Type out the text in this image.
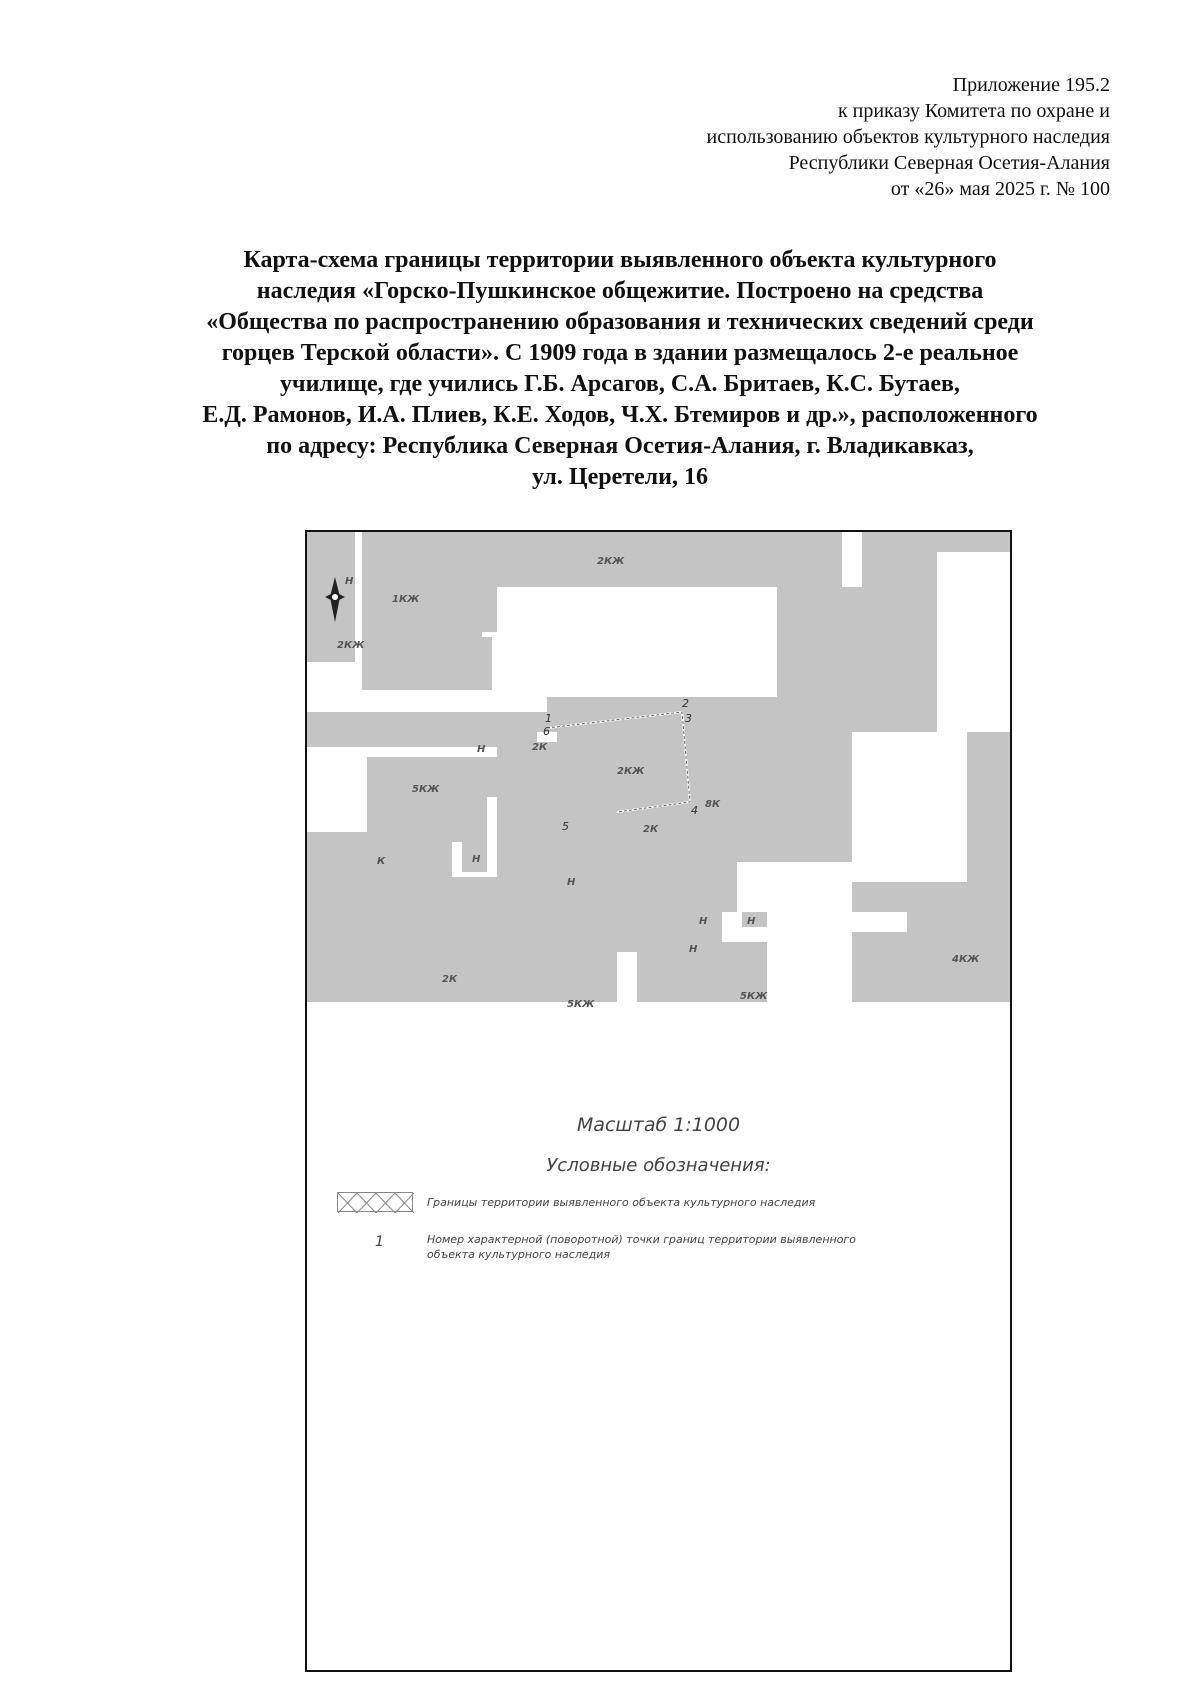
Приложение 195.2
к приказу Комитета по охране и
использованию объектов культурного наследия
Республики Северная Осетия-Алания
от «26» мая 2025 г. № 100
Карта-схема границы территории выявленного объекта культурного
наследия «Горско-Пушкинское общежитие. Построено на средства
«Общества по распространению образования и технических сведений среди
горцев Терской области». С 1909 года в здании размещалось 2-е реальное
училище, где учились Г.Б. Арсагов, С.А. Бритаев, К.С. Бутаев,
Е.Д. Рамонов, И.А. Плиев, К.Е. Ходов, Ч.Х. Бтемиров и др.», расположенного
по адресу: Республика Северная Осетия-Алания, г. Владикавказ,
ул. Церетели, 16
Н
2КЖ
1КЖ
2КЖ
2К
2КЖ
5КЖ
Н
5	2К
К	Н
Н
8К
Н	Н
Н
4КЖ
2К
5КЖ
5КЖ
1
2
3
4
6
Масштаб 1:1000
Условные обозначения:
Границы территории выявленного объекта культурного наследия
1	Номер характерной (поворотной) точки границ территории выявленного объекта культурного наследия
